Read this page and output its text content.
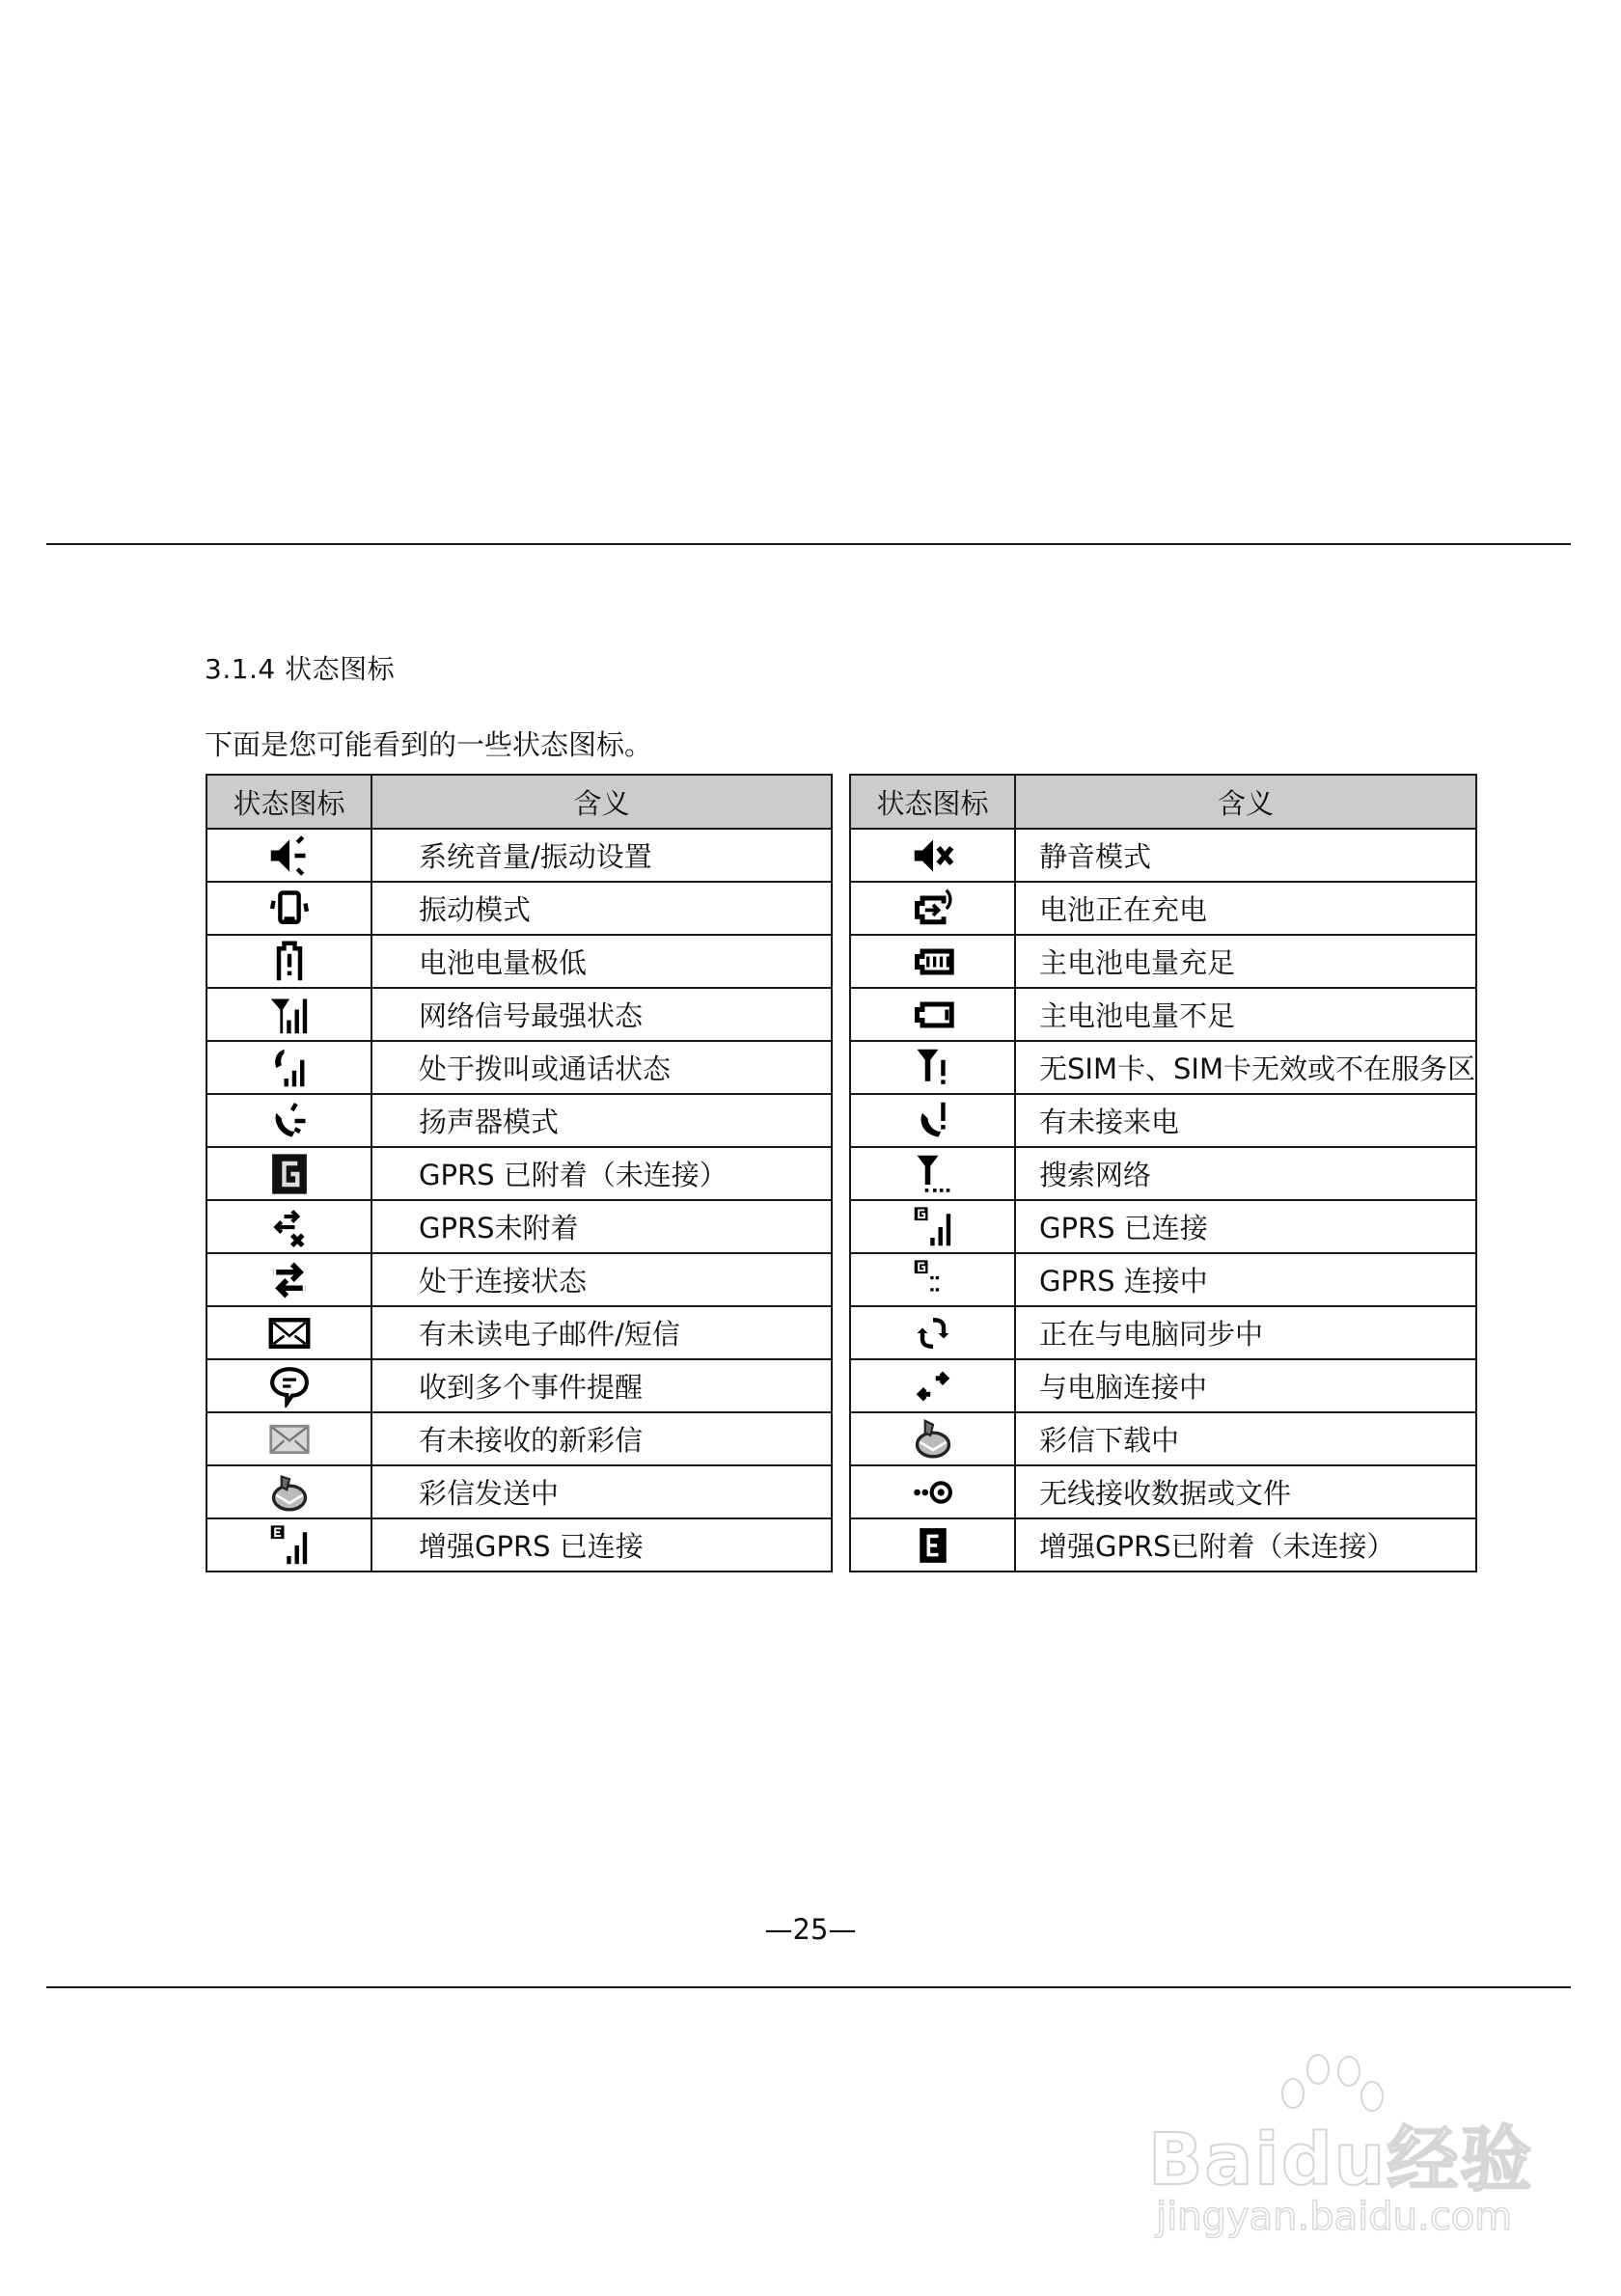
3.1.4 状态图标
下面是您可能看到的一些状态图标。
状态图标	含义

	系统音量/振动设置

	振动模式

	电池电量极低

	网络信号最强状态

	处于拨叫或通话状态

	扬声器模式

	GPRS 已附着（未连接）

	GPRS未附着

	处于连接状态

	有未读电子邮件/短信

	收到多个事件提醒

	有未接收的新彩信

	彩信发送中

	增强GPRS 已连接
状态图标	含义

	静音模式

	电池正在充电

	主电池电量充足

	主电池电量不足

	无SIM卡、SIM卡无效或不在服务区

	有未接来电

	搜索网络

	GPRS 已连接

	GPRS 连接中

	正在与电脑同步中

	与电脑连接中

	彩信下载中

	无线接收数据或文件

	增强GPRS已附着（未连接）
—25—
Baidu经验
jingyan.baidu.com
